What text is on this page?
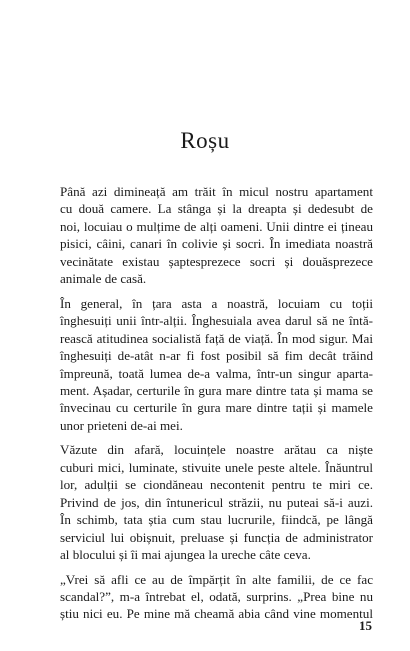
Roșu

Până azi dimineață am trăit în micul nostru apartament
cu două camere. La stânga și la dreapta și dedesubt de
noi, locuiau o mulțime de alți oameni. Unii dintre ei țineau
pisici, câini, canari în colivie și socri. În imediata noastră
vecinătate existau șaptesprezece socri și douăsprezece
animale de casă.

În general, în țara asta a noastră, locuiam cu toții
înghesuiți unii într-alții. Înghesuiala avea darul să ne întă-
rească atitudinea socialistă față de viață. În mod sigur. Mai
înghesuiți de-atât n-ar fi fost posibil să fim decât trăind
împreună, toată lumea de-a valma, într-un singur aparta-
ment. Așadar, certurile în gura mare dintre tata și mama se
învecinau cu certurile în gura mare dintre tații și mamele
unor prieteni de-ai mei.

Văzute din afară, locuințele noastre arătau ca niște
cuburi mici, luminate, stivuite unele peste altele. Înăuntrul
lor, adulții se ciondăneau necontenit pentru te miri ce.
Privind de jos, din întunericul străzii, nu puteai să-i auzi.
În schimb, tata știa cum stau lucrurile, fiindcă, pe lângă
serviciul lui obișnuit, preluase și funcția de administrator
al blocului și îi mai ajungea la ureche câte ceva.

„Vrei să afli ce au de împărțit în alte familii, de ce fac
scandal?”, m-a întrebat el, odată, surprins. „Prea bine nu
știu nici eu. Pe mine mă cheamă abia când vine momentul

15
